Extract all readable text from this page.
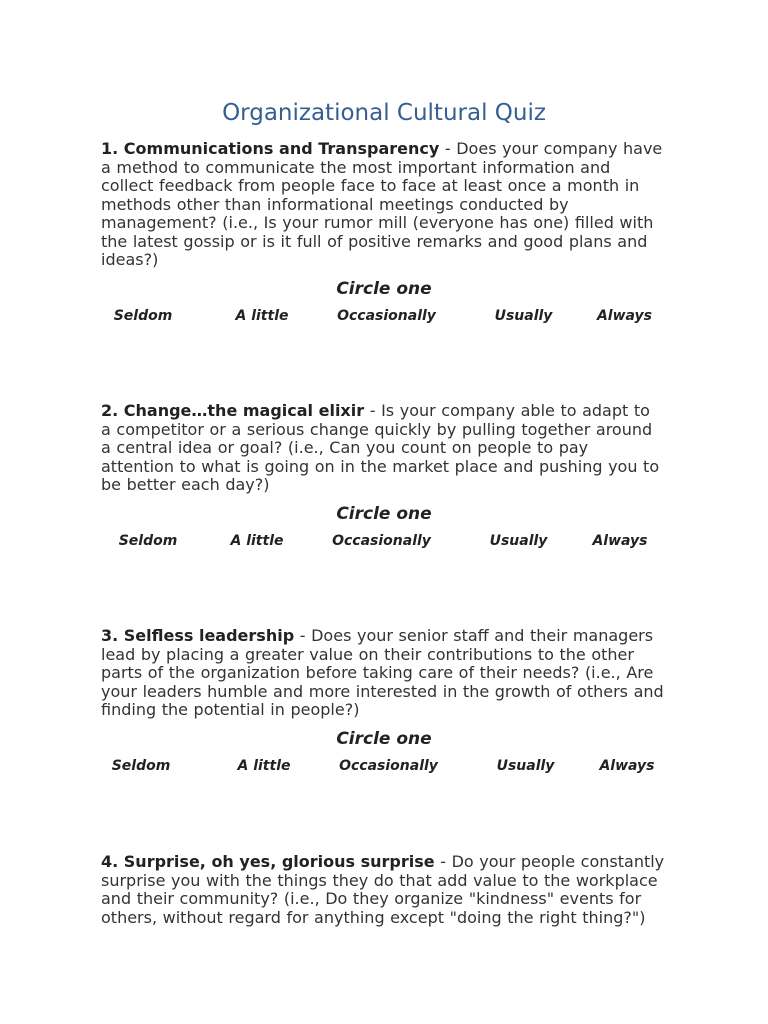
Organizational Cultural Quiz
1. Communications and Transparency - Does your company have
a method to communicate the most important information and
collect feedback from people face to face at least once a month in
methods other than informational meetings conducted by
management? (i.e., Is your rumor mill (everyone has one) filled with
the latest gossip or is it full of positive remarks and good plans and
ideas?)
Circle one
Seldom	A little	Occasionally	Usually	Always
2. Change…the magical elixir - Is your company able to adapt to
a competitor or a serious change quickly by pulling together around
a central idea or goal? (i.e., Can you count on people to pay
attention to what is going on in the market place and pushing you to
be better each day?)
Circle one
Seldom	A little	Occasionally	Usually	Always
3. Selfless leadership - Does your senior staff and their managers
lead by placing a greater value on their contributions to the other
parts of the organization before taking care of their needs? (i.e., Are
your leaders humble and more interested in the growth of others and
finding the potential in people?)
Circle one
Seldom	A little	Occasionally	Usually	Always
4. Surprise, oh yes, glorious surprise - Do your people constantly
surprise you with the things they do that add value to the workplace
and their community? (i.e., Do they organize "kindness" events for
others, without regard for anything except "doing the right thing?")
